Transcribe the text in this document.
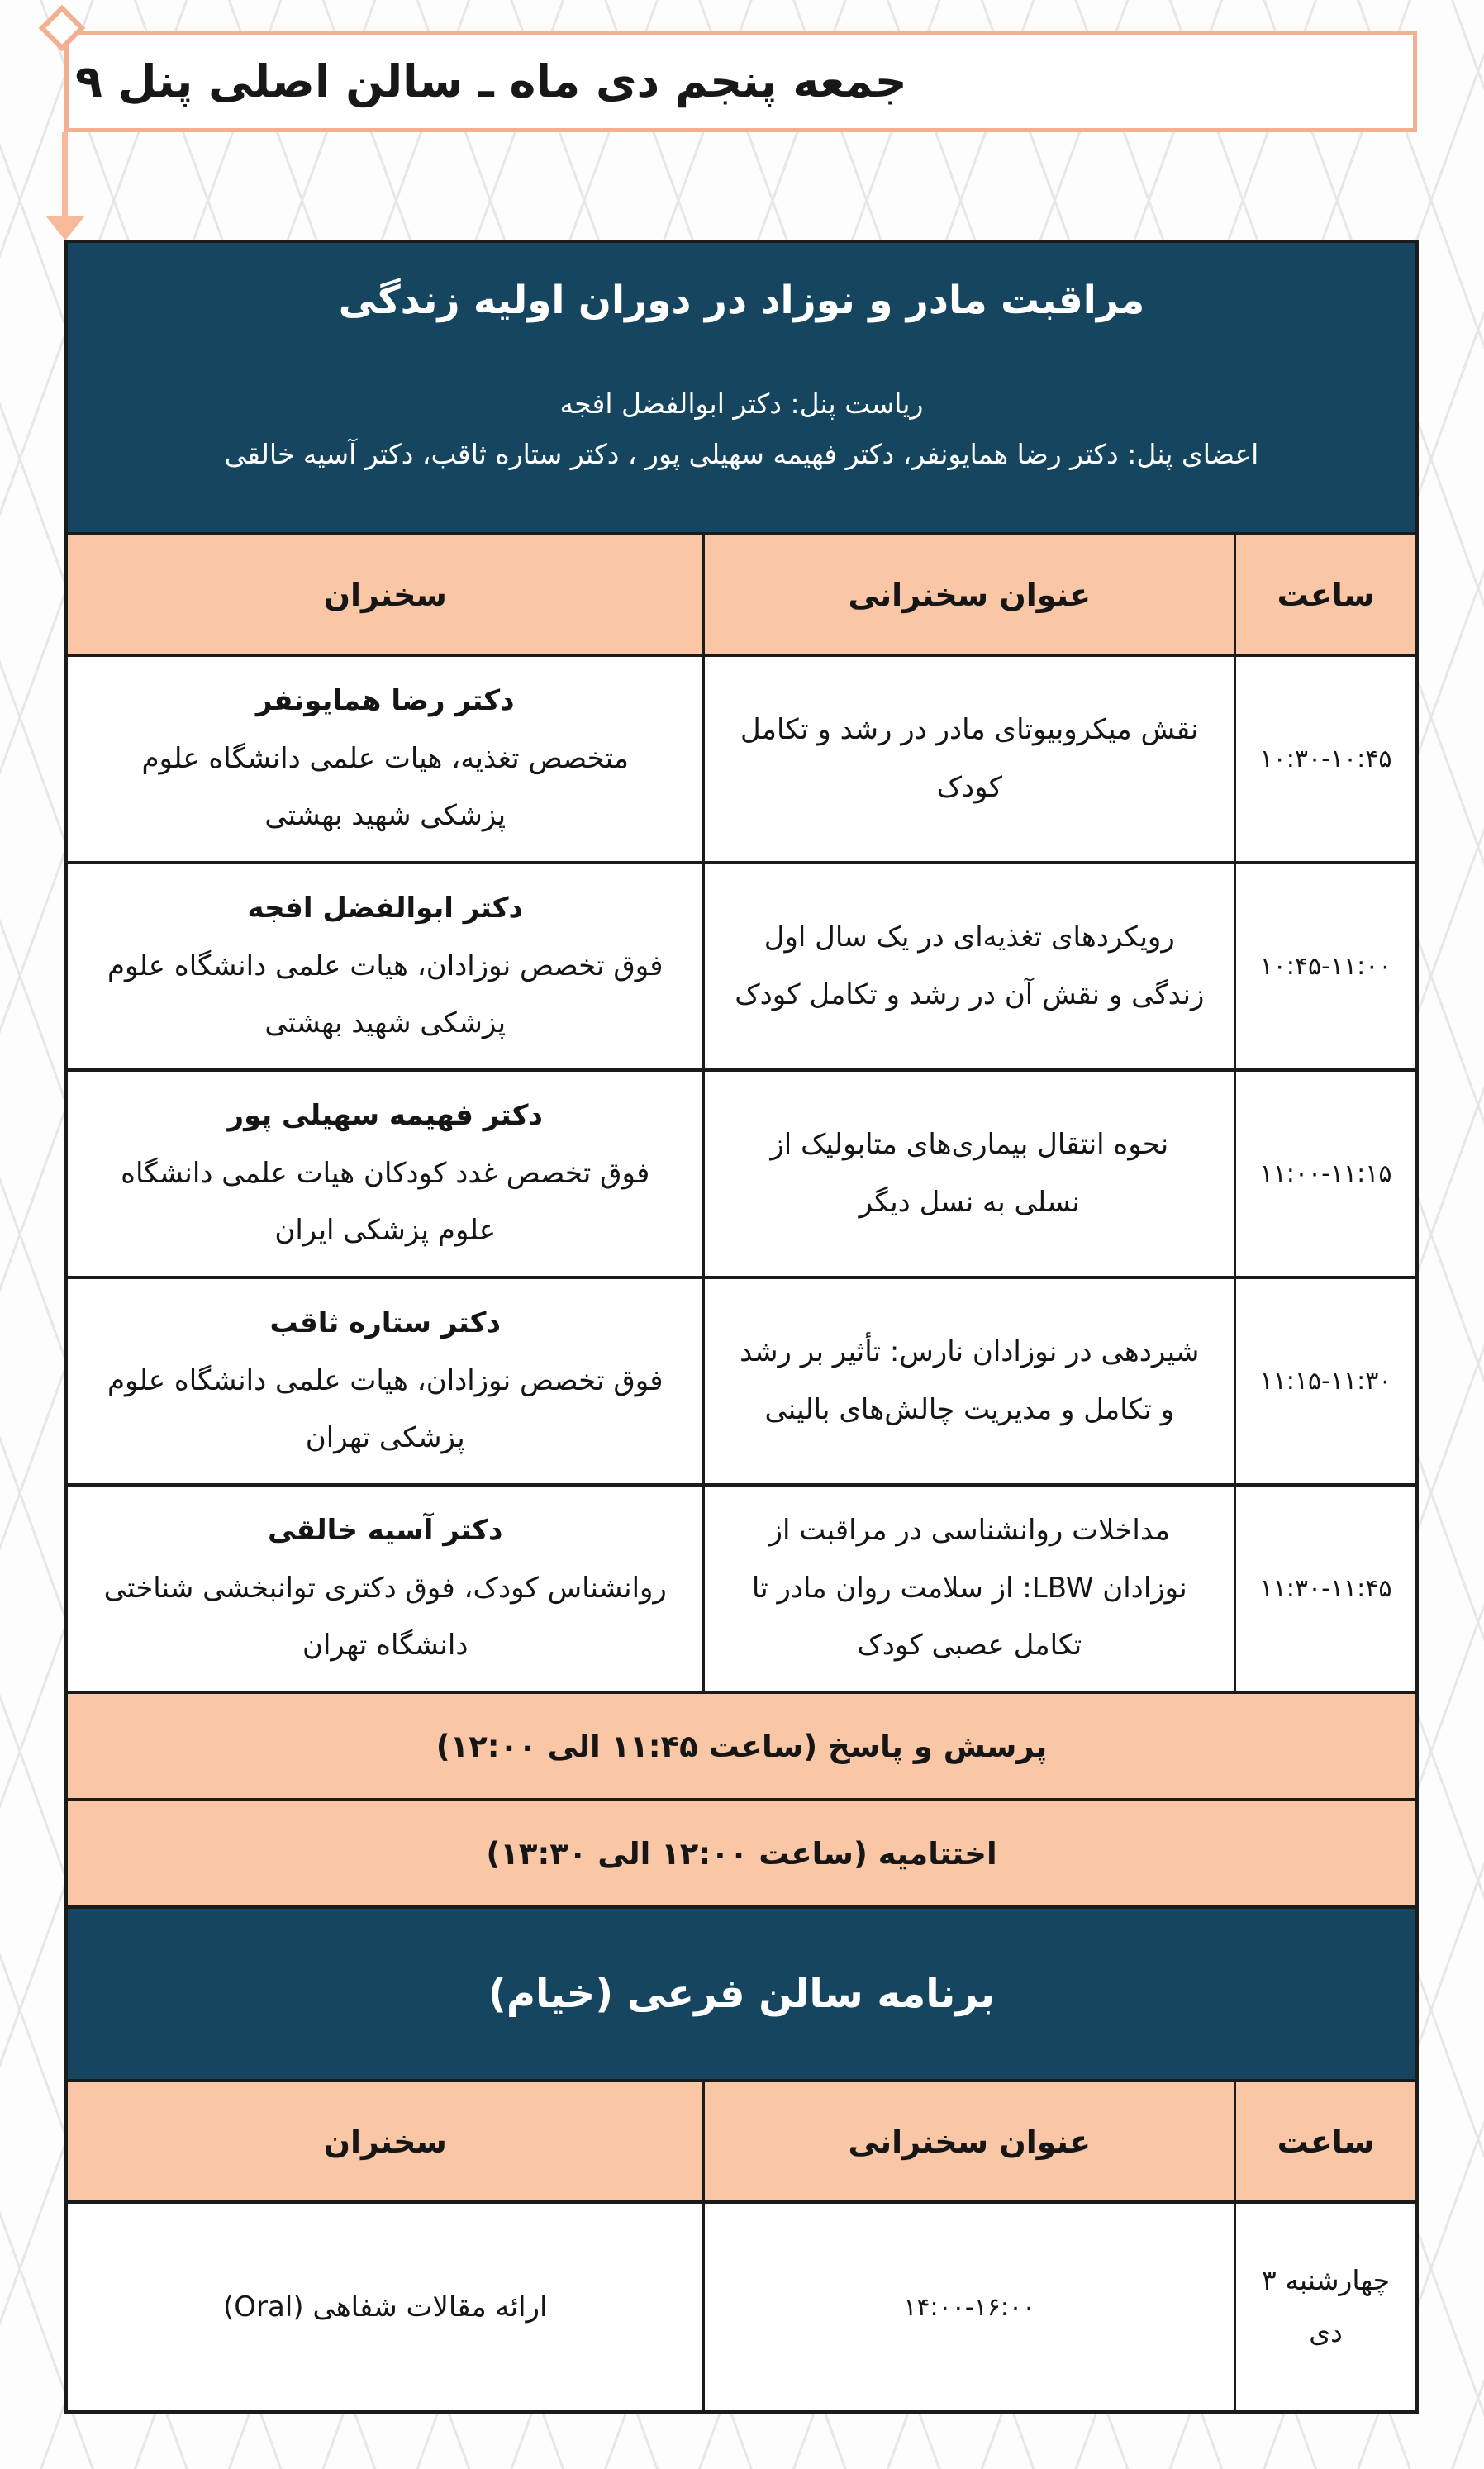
جمعه پنجم دی ماه ـ سالن اصلی پنل ۹
مراقبت مادر و نوزاد در دوران اولیه زندگی
ریاست پنل: دکتر ابوالفضل افجه
اعضای پنل: دکتر رضا همایونفر، دکتر فهیمه سهیلی پور ، دکتر ستاره ثاقب، دکتر آسیه خالقی
ساعت
عنوان سخنرانی
سخنران
۱۰:۳۰-۱۰:۴۵
نقش میکروبیوتای مادر در رشد و تکامل کودک
دکتر رضا همایونفر
متخصص تغذیه، هیات علمی دانشگاه علوم پزشکی شهید بهشتی
۱۰:۴۵-۱۱:۰۰
رویکردهای تغذیه‌ای در یک سال اول زندگی و نقش آن در رشد و تکامل کودک
دکتر ابوالفضل افجه
فوق تخصص نوزادان، هیات علمی دانشگاه علوم پزشکی شهید بهشتی
۱۱:۰۰-۱۱:۱۵
نحوه انتقال بیماری‌های متابولیک از نسلی به نسل دیگر
دکتر فهیمه سهیلی پور
فوق تخصص غدد کودکان هیات علمی دانشگاه علوم پزشکی ایران
۱۱:۱۵-۱۱:۳۰
شیردهی در نوزادان نارس: تأثیر بر رشد و تکامل و مدیریت چالش‌های بالینی
دکتر ستاره ثاقب
فوق تخصص نوزادان، هیات علمی دانشگاه علوم پزشکی تهران
۱۱:۳۰-۱۱:۴۵
مداخلات روانشناسی در مراقبت از نوزادان LBW: از سلامت روان مادر تا تکامل عصبی کودک
دکتر آسیه خالقی
روانشناس کودک، فوق دکتری توانبخشی شناختی دانشگاه تهران
پرسش و پاسخ (ساعت ۱۱:۴۵ الی ۱۲:۰۰)
اختتامیه (ساعت ۱۲:۰۰ الی ۱۳:۳۰)
برنامه سالن فرعی (خیام)
ساعت
عنوان سخنرانی
سخنران
چهارشنبه ۳ دی
۱۴:۰۰-۱۶:۰۰
ارائه مقالات شفاهی (Oral)
